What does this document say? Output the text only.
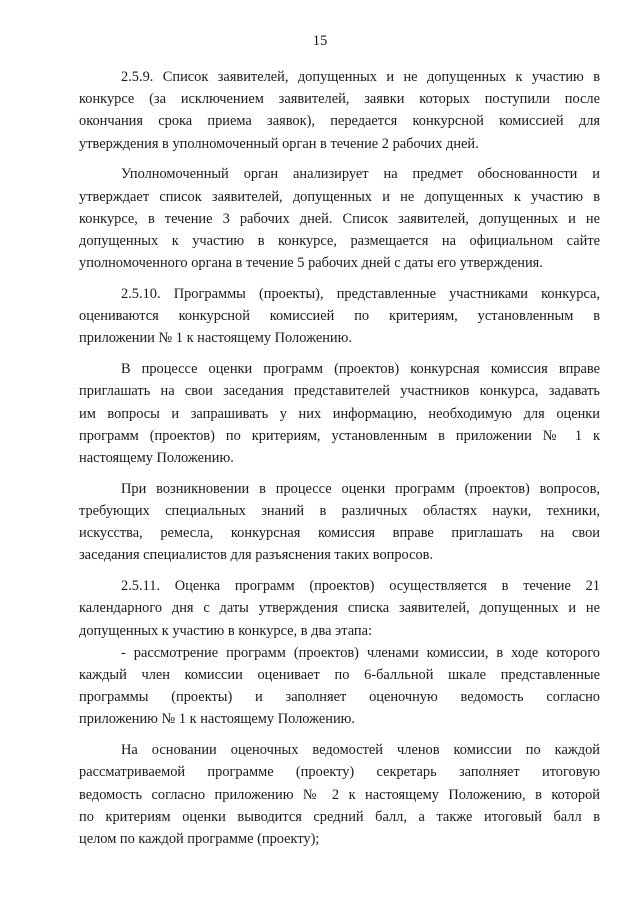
15

2.5.9. Список заявителей, допущенных и не допущенных к участию в
конкурсе (за исключением заявителей, заявки которых поступили после
окончания срока приема заявок), передается конкурсной комиссией для
утверждения в уполномоченный орган в течение 2 рабочих дней.

Уполномоченный орган анализирует на предмет обоснованности и
утверждает список заявителей, допущенных и не допущенных к участию в
конкурсе, в течение 3 рабочих дней. Список заявителей, допущенных и не
допущенных к участию в конкурсе, размещается на официальном сайте
уполномоченного органа в течение 5 рабочих дней с даты его утверждения.

2.5.10. Программы (проекты), представленные участниками конкурса,
оцениваются конкурсной комиссией по критериям, установленным в
приложении № 1 к настоящему Положению.

В процессе оценки программ (проектов) конкурсная комиссия вправе
приглашать на свои заседания представителей участников конкурса, задавать
им вопросы и запрашивать у них информацию, необходимую для оценки
программ (проектов) по критериям, установленным в приложении № 1 к
настоящему Положению.

При возникновении в процессе оценки программ (проектов) вопросов,
требующих специальных знаний в различных областях науки, техники,
искусства, ремесла, конкурсная комиссия вправе приглашать на свои
заседания специалистов для разъяснения таких вопросов.

2.5.11. Оценка программ (проектов) осуществляется в течение 21
календарного дня с даты утверждения списка заявителей, допущенных и не
допущенных к участию в конкурсе, в два этапа:

- рассмотрение программ (проектов) членами комиссии, в ходе которого
каждый член комиссии оценивает по 6-балльной шкале представленные
программы (проекты) и заполняет оценочную ведомость согласно
приложению № 1 к настоящему Положению.

На основании оценочных ведомостей членов комиссии по каждой
рассматриваемой программе (проекту) секретарь заполняет итоговую
ведомость согласно приложению № 2 к настоящему Положению, в которой
по критериям оценки выводится средний балл, а также итоговый балл в
целом по каждой программе (проекту);
